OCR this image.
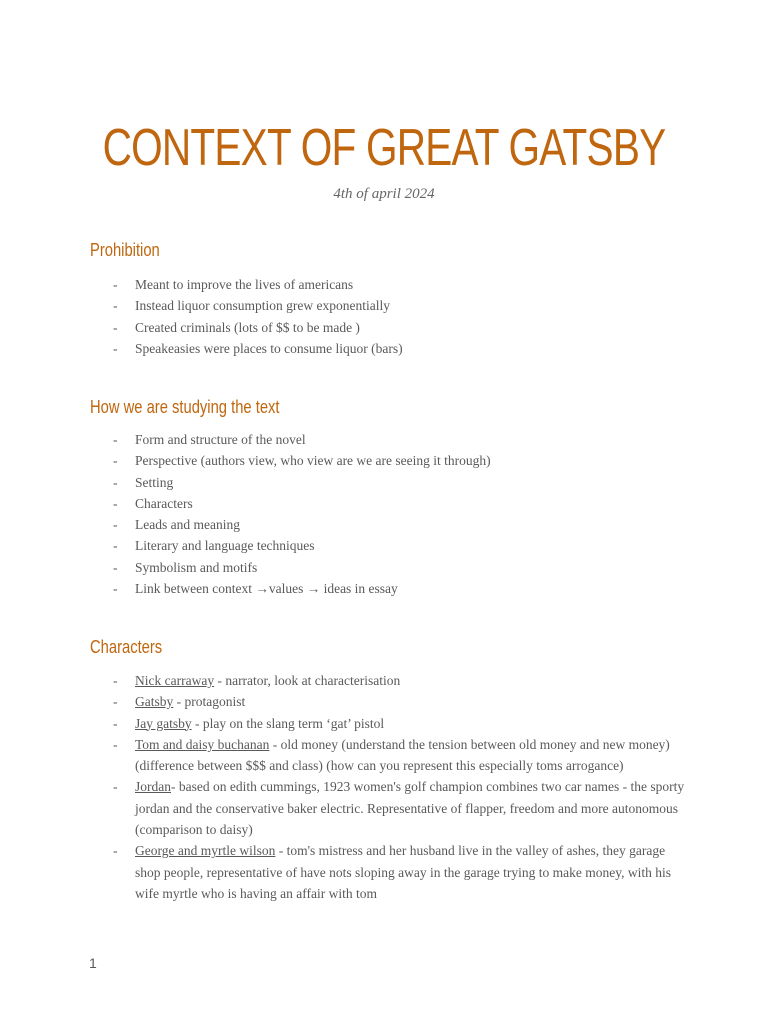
CONTEXT OF GREAT GATSBY
4th of april 2024
Prohibition
- Meant to improve the lives of americans
- Instead liquor consumption grew exponentially
- Created criminals (lots of $$ to be made )
- Speakeasies were places to consume liquor (bars)
How we are studying the text
- Form and structure of the novel
- Perspective (authors view, who view are we are seeing it through)
- Setting
- Characters
- Leads and meaning
- Literary and language techniques
- Symbolism and motifs
- Link between context →values → ideas in essay
Characters
- Nick carraway - narrator, look at characterisation
- Gatsby - protagonist
- Jay gatsby - play on the slang term ‘gat’ pistol
- Tom and daisy buchanan - old money (understand the tension between old money and new money) (difference between $$$ and class) (how can you represent this especially toms arrogance)
- Jordan- based on edith cummings, 1923 women's golf champion combines two car names - the sporty jordan and the conservative baker electric. Representative of flapper, freedom and more autonomous (comparison to daisy)
- George and myrtle wilson - tom's mistress and her husband live in the valley of ashes, they garage shop people, representative of have nots sloping away in the garage trying to make money, with his wife myrtle who is having an affair with tom
1
